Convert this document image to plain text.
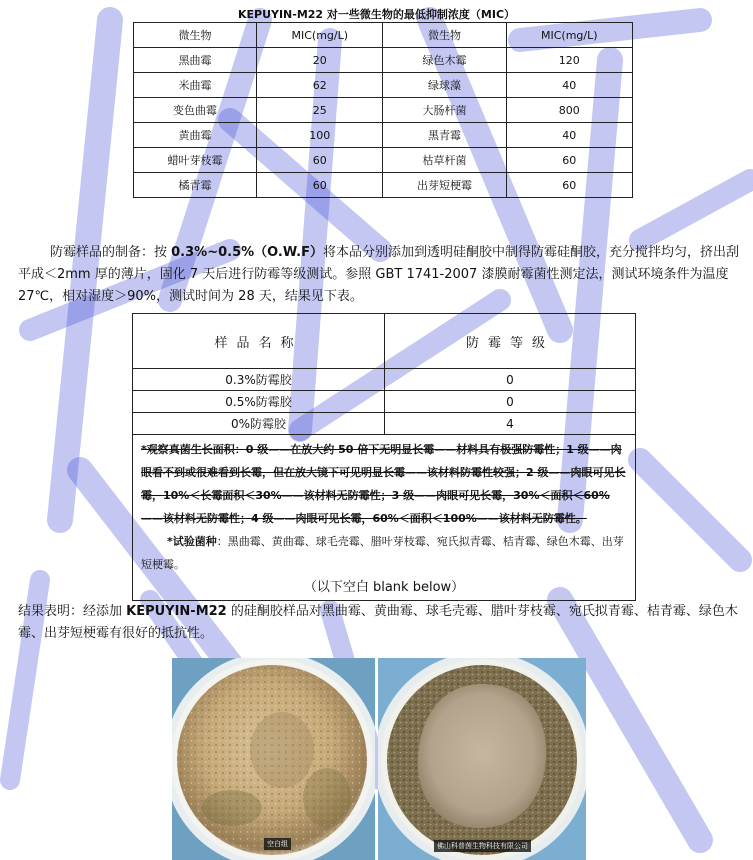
KEPUYIN-M22 对一些微生物的最低抑制浓度（MIC）
微生物	MIC(mg/L)	微生物	MIC(mg/L)
黑曲霉	20	绿色木霉	120
米曲霉	62	绿球藻	40
变色曲霉	25	大肠杆菌	800
黄曲霉	100	黑青霉	40
蜡叶芽枝霉	60	枯草杆菌	60
橘青霉	60	出芽短梗霉	60
防霉样品的制备：按 0.3%~0.5%（O.W.F）将本品分别添加到透明硅酮胶中制得防霉硅酮胶，充分搅拌均匀，挤出刮平成＜2mm 厚的薄片，固化 7 天后进行防霉等级测试。参照 GBT 1741-2007 漆膜耐霉菌性测定法，测试环境条件为温度 27℃，相对湿度＞90%，测试时间为 28 天，结果见下表。
样品名称	防霉等级
0.3%防霉胶	0
0.5%防霉胶	0
0%防霉胶	4
*观察真菌生长面积：0 级——在放大约 50 倍下无明显长霉——材料具有极强防霉性；1 级——肉眼看不到或很难看到长霉，但在放大镜下可见明显长霉——该材料防霉性较强；2 级——肉眼可见长霉，10%＜长霉面积＜30%——该材料无防霉性；3 级——肉眼可见长霉，30%＜面积＜60%——该材料无防霉性；4 级——肉眼可见长霉，60%＜面积＜100%——该材料无防霉性。
*试验菌种：黑曲霉、黄曲霉、球毛壳霉、腊叶芽枝霉、宛氏拟青霉、桔青霉、绿色木霉、出芽短梗霉。
（以下空白 blank below）
结果表明：经添加 KEPUYIN-M22 的硅酮胶样品对黑曲霉、黄曲霉、球毛壳霉、腊叶芽枝霉、宛氏拟青霉、桔青霉、绿色木霉、出芽短梗霉有很好的抵抗性。
空白组	佛山科普茵生物科技有限公司
